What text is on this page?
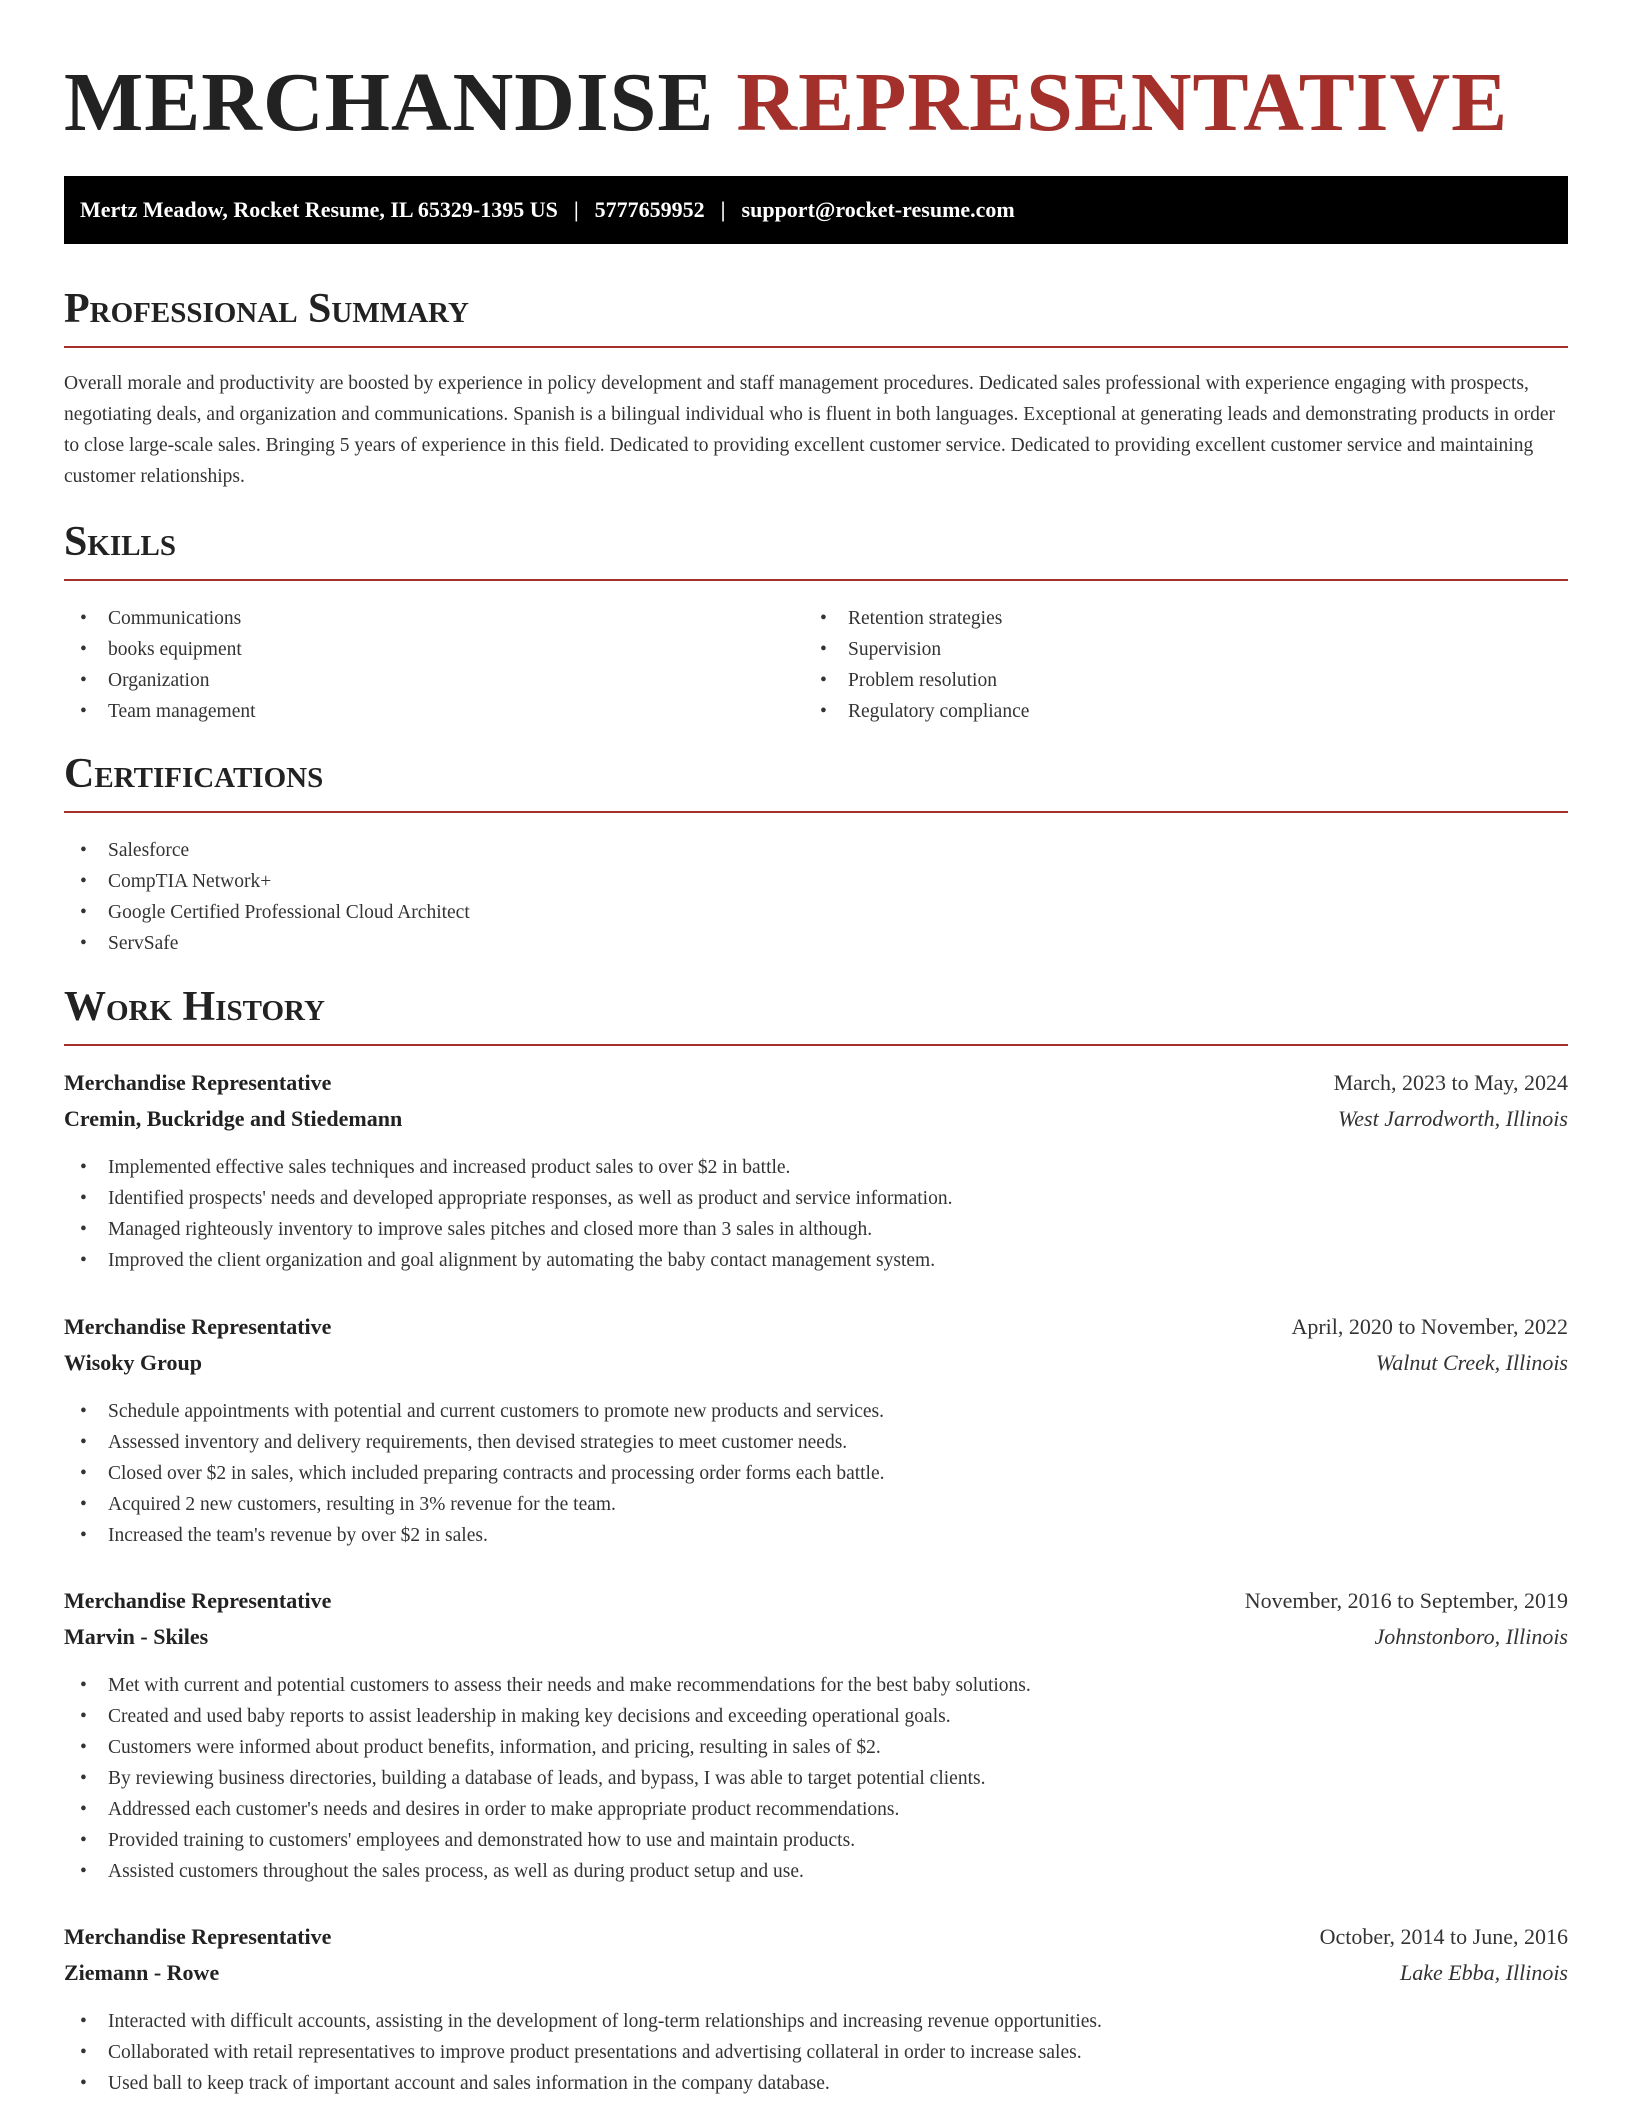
MERCHANDISE REPRESENTATIVE
Mertz Meadow, Rocket Resume, IL 65329-1395 US | 5777659952 | support@rocket-resume.com
Professional Summary
Overall morale and productivity are boosted by experience in policy development and staff management procedures. Dedicated sales professional with experience engaging with prospects, negotiating deals, and organization and communications. Spanish is a bilingual individual who is fluent in both languages. Exceptional at generating leads and demonstrating products in order to close large-scale sales. Bringing 5 years of experience in this field. Dedicated to providing excellent customer service. Dedicated to providing excellent customer service and maintaining customer relationships.
Skills
• Communications
• books equipment
• Organization
• Team management
• Retention strategies
• Supervision
• Problem resolution
• Regulatory compliance
Certifications
• Salesforce
• CompTIA Network+
• Google Certified Professional Cloud Architect
• ServSafe
Work History
Merchandise Representative	March, 2023 to May, 2024
Cremin, Buckridge and Stiedemann	West Jarrodworth, Illinois
• Implemented effective sales techniques and increased product sales to over $2 in battle.
• Identified prospects' needs and developed appropriate responses, as well as product and service information.
• Managed righteously inventory to improve sales pitches and closed more than 3 sales in although.
• Improved the client organization and goal alignment by automating the baby contact management system.
Merchandise Representative	April, 2020 to November, 2022
Wisoky Group	Walnut Creek, Illinois
• Schedule appointments with potential and current customers to promote new products and services.
• Assessed inventory and delivery requirements, then devised strategies to meet customer needs.
• Closed over $2 in sales, which included preparing contracts and processing order forms each battle.
• Acquired 2 new customers, resulting in 3% revenue for the team.
• Increased the team's revenue by over $2 in sales.
Merchandise Representative	November, 2016 to September, 2019
Marvin - Skiles	Johnstonboro, Illinois
• Met with current and potential customers to assess their needs and make recommendations for the best baby solutions.
• Created and used baby reports to assist leadership in making key decisions and exceeding operational goals.
• Customers were informed about product benefits, information, and pricing, resulting in sales of $2.
• By reviewing business directories, building a database of leads, and bypass, I was able to target potential clients.
• Addressed each customer's needs and desires in order to make appropriate product recommendations.
• Provided training to customers' employees and demonstrated how to use and maintain products.
• Assisted customers throughout the sales process, as well as during product setup and use.
Merchandise Representative	October, 2014 to June, 2016
Ziemann - Rowe	Lake Ebba, Illinois
• Interacted with difficult accounts, assisting in the development of long-term relationships and increasing revenue opportunities.
• Collaborated with retail representatives to improve product presentations and advertising collateral in order to increase sales.
• Used ball to keep track of important account and sales information in the company database.
